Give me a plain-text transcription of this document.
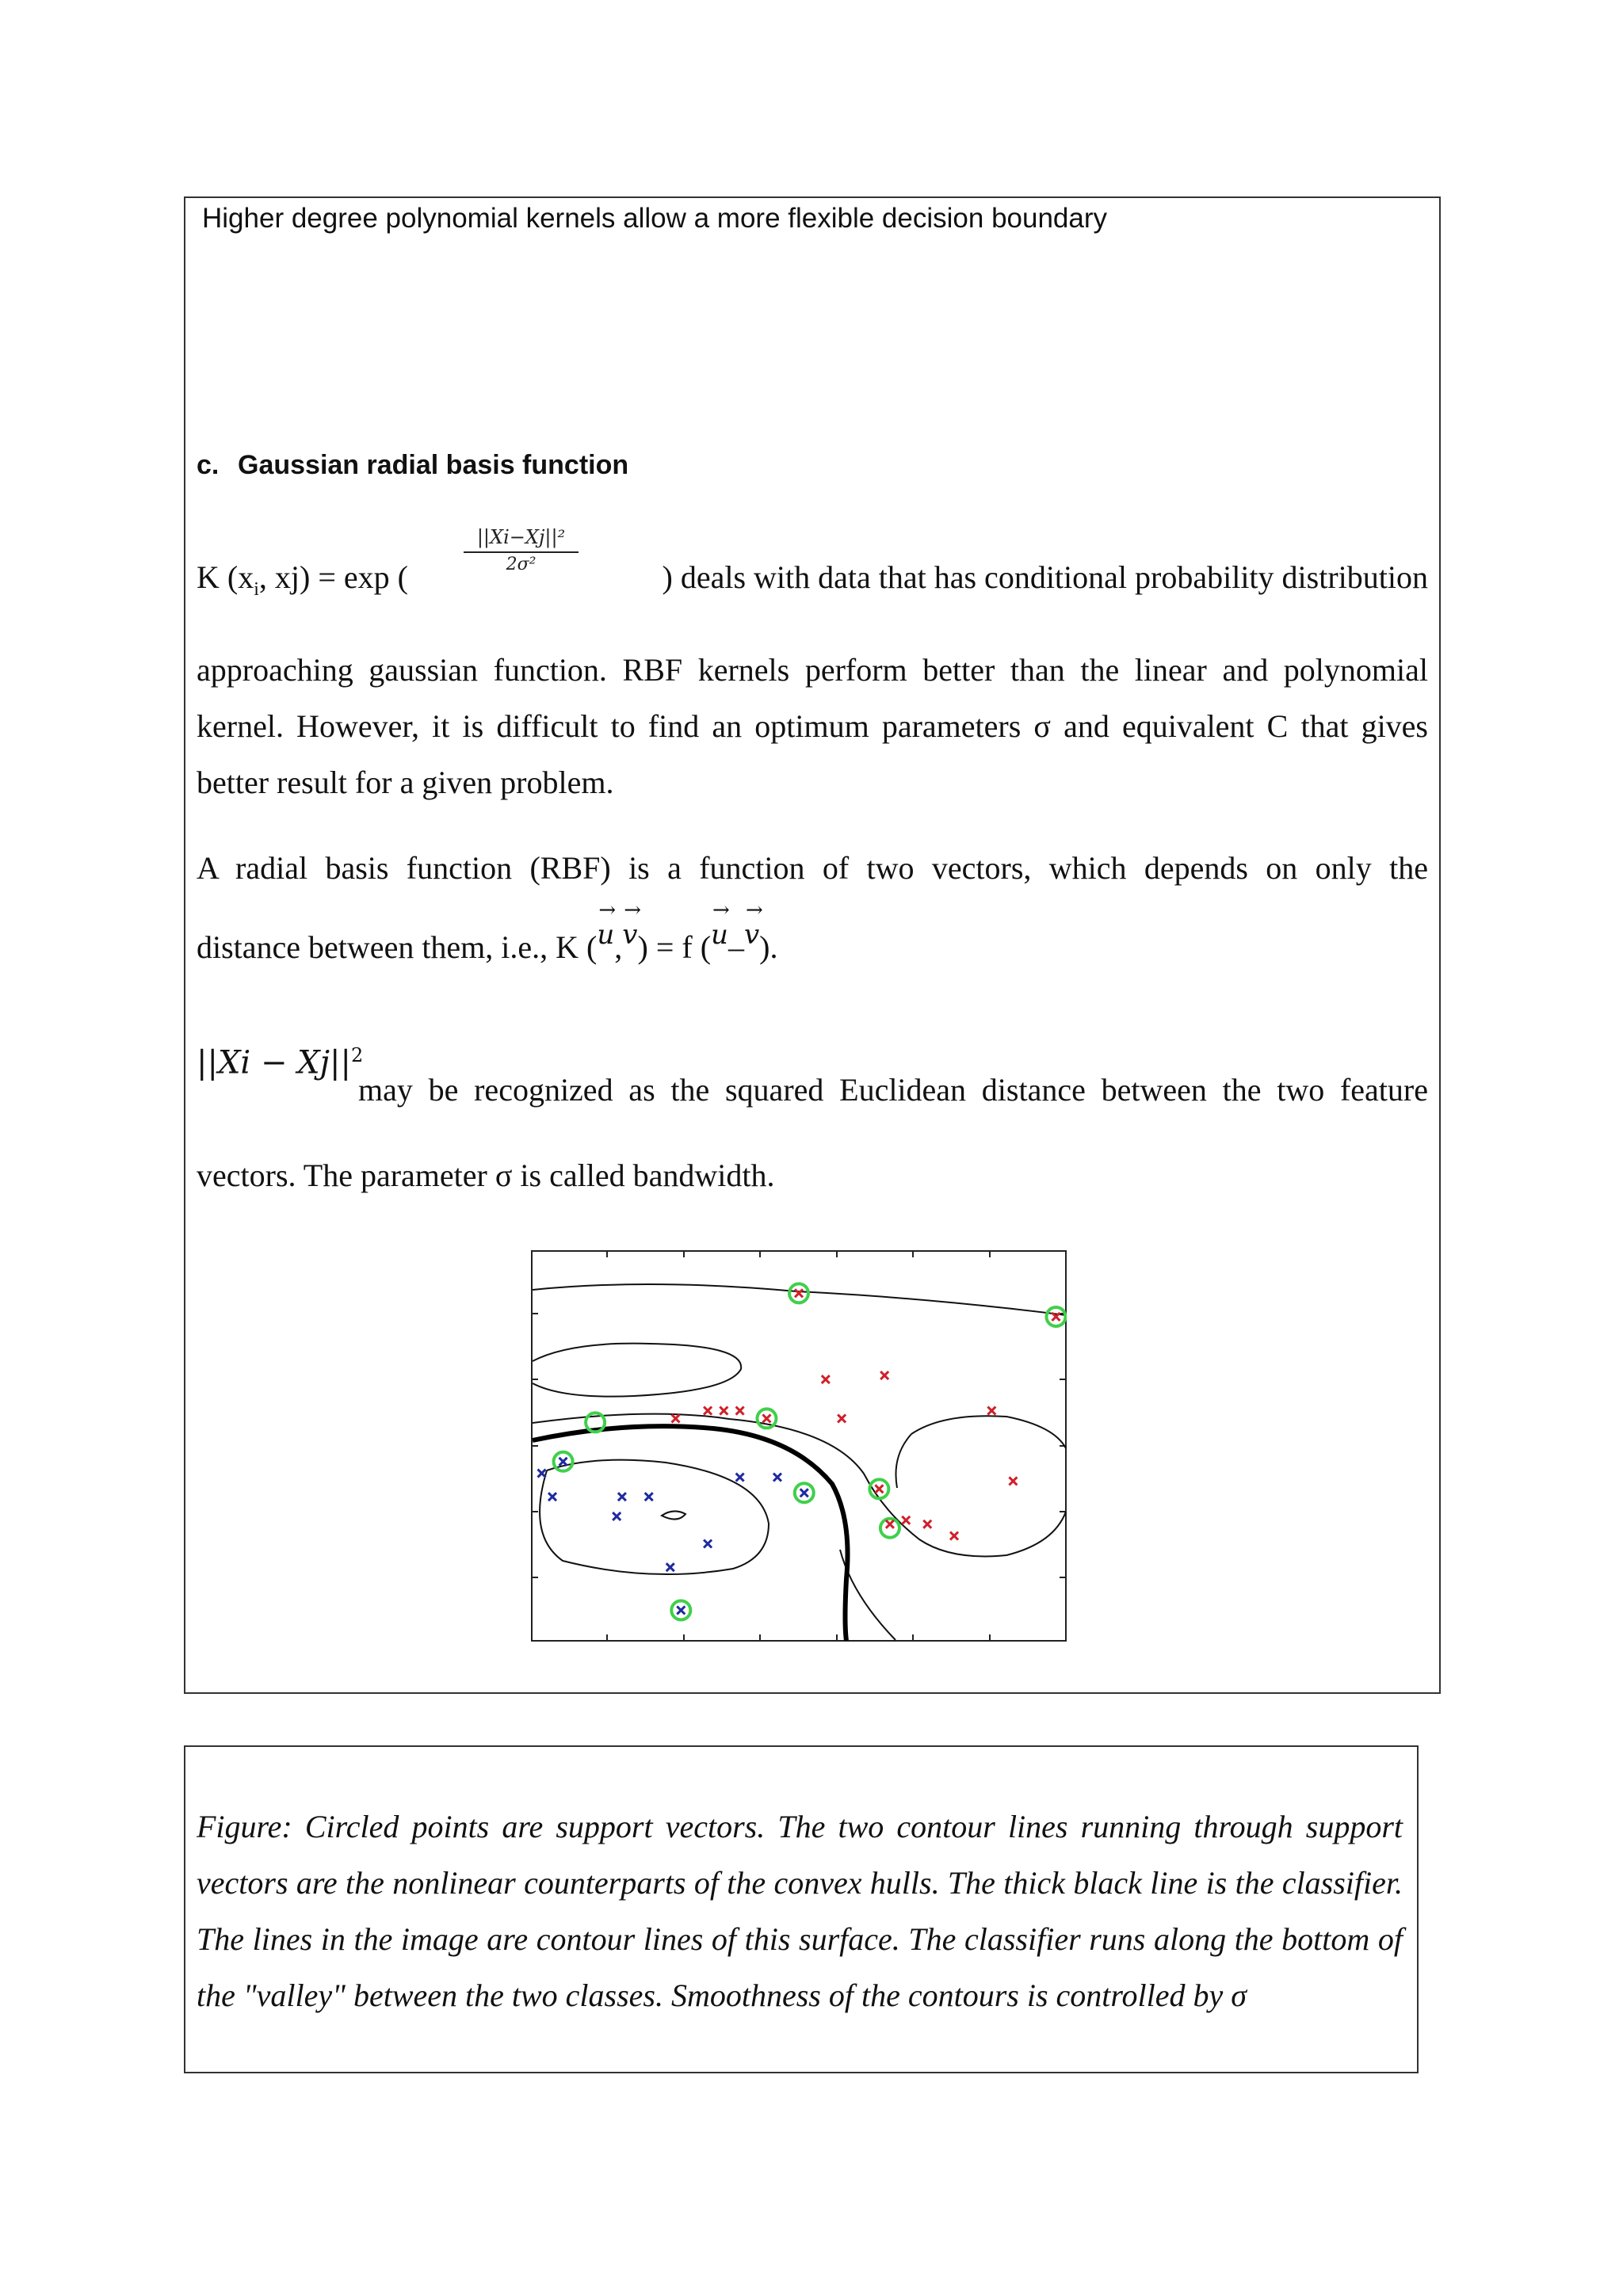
Higher degree polynomial kernels allow a more flexible decision boundary
c. Gaussian radial basis function
$\frac{\text{||Xi−Xj||²}}{\text{2σ²}}$
K ($x_i$, xj) = exp (	) deals with data that has conditional probability distribution
approaching gaussian function. RBF kernels perform better than the linear and polynomial kernel. However, it is difficult to find an optimum parameters σ and equivalent C that gives better result for a given problem.
A radial basis function (RBF) is a function of two vectors, which depends on only the
distance between them, i.e., K (
→
u,
→
v) = f (
→
u–
→
v).
$||Xi - Xj||^2$
may be recognized as the squared Euclidean distance between the two feature
vectors. The parameter σ is called bandwidth.
Figure: Circled points are support vectors. The two contour lines running through support vectors are the nonlinear counterparts of the convex hulls. The thick black line is the classifier. The lines in the image are contour lines of this surface. The classifier runs along the bottom of the "valley" between the two classes. Smoothness of the contours is controlled by σ
